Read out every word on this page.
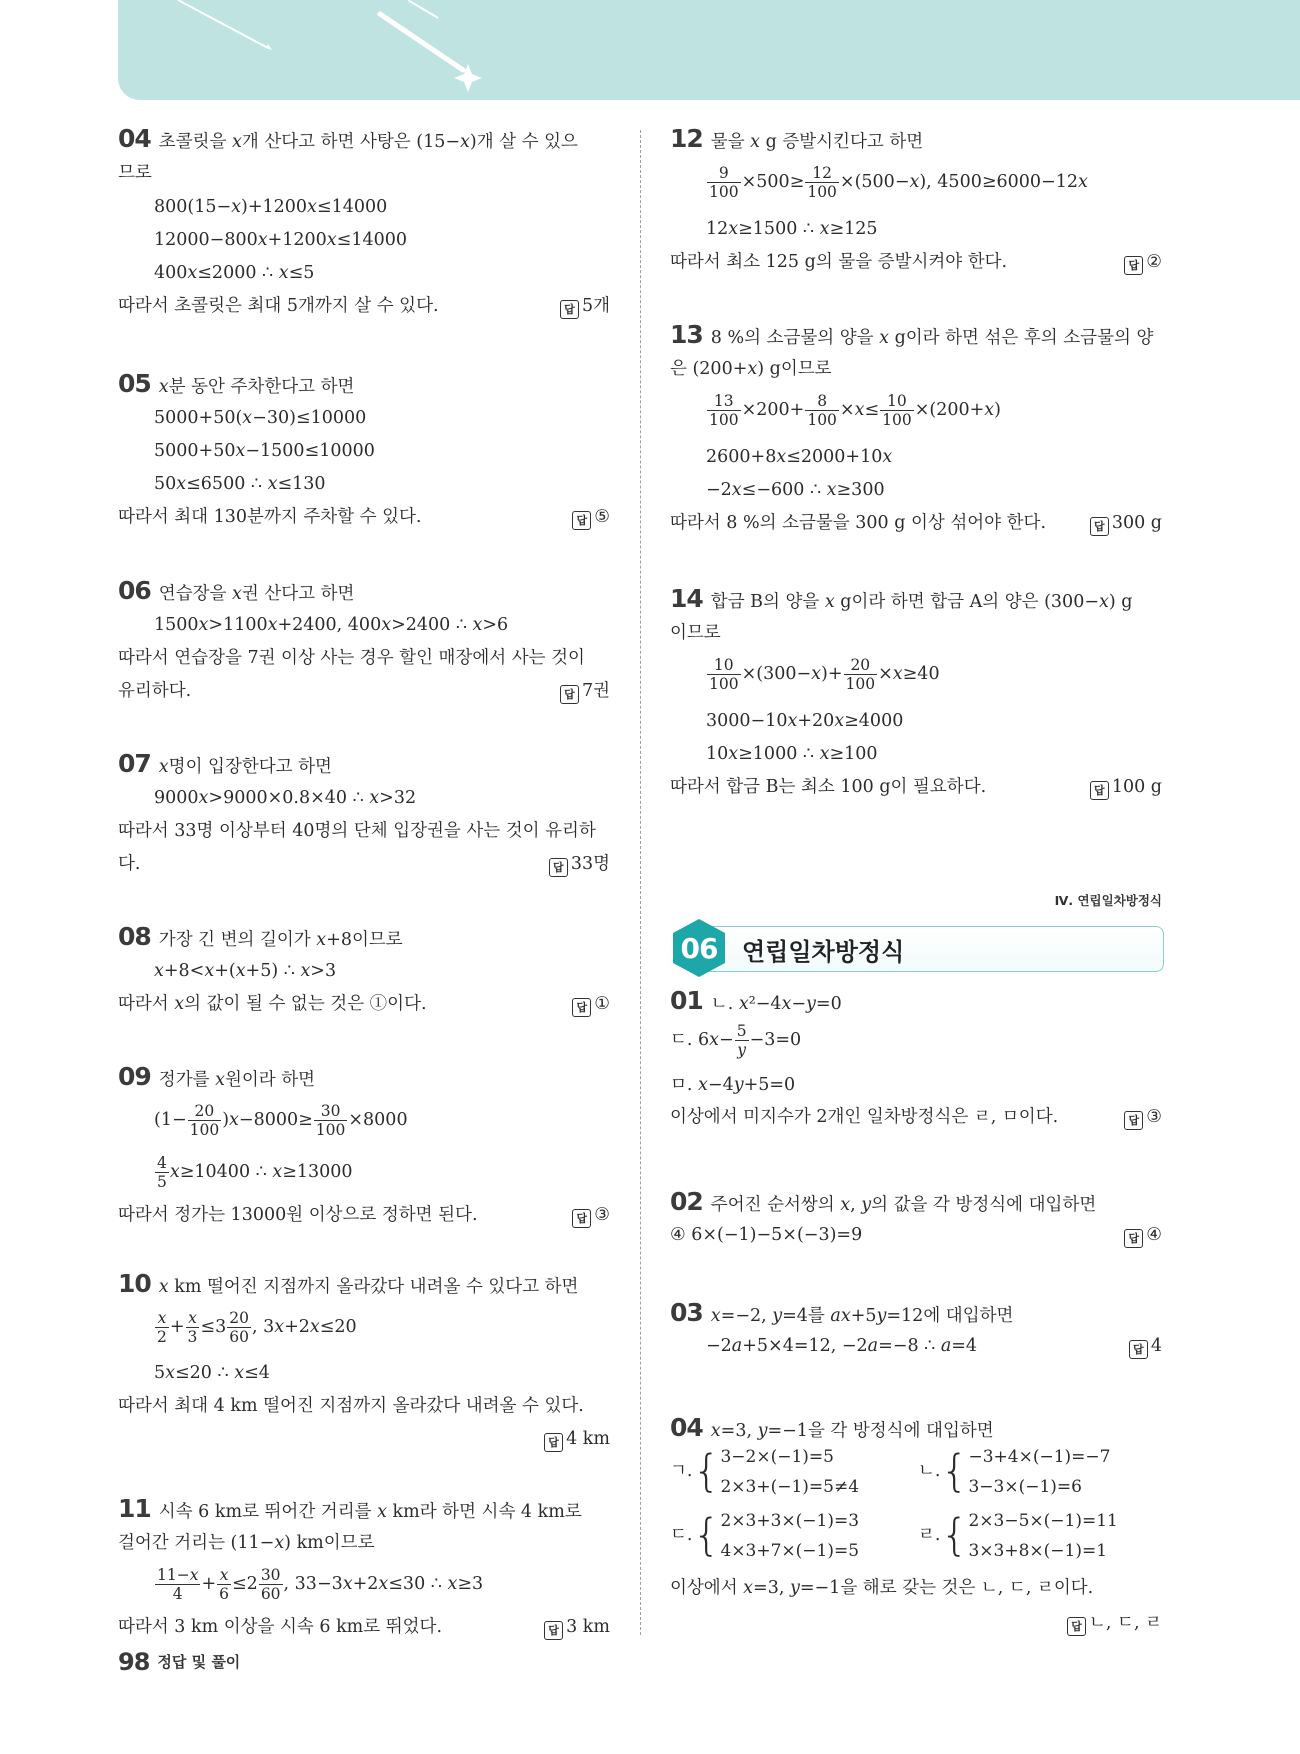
04 초콜릿을 𝑥개 산다고 하면 사탕은 (15−𝑥)개 살 수 있으
므로
800(15−𝑥)+1200𝑥≤14000
12000−800𝑥+1200𝑥≤14000
400𝑥≤2000 ∴ 𝑥≤5
따라서 초콜릿은 최대 5개까지 살 수 있다.	답 5개
05 𝑥분 동안 주차한다고 하면
5000+50(𝑥−30)≤10000
5000+50𝑥−1500≤10000
50𝑥≤6500 ∴ 𝑥≤130
따라서 최대 130분까지 주차할 수 있다.	답 ⑤
06 연습장을 𝑥권 산다고 하면
1500𝑥>1100𝑥+2400, 400𝑥>2400 ∴ 𝑥>6
따라서 연습장을 7권 이상 사는 경우 할인 매장에서 사는 것이
유리하다.	답 7권
07 𝑥명이 입장한다고 하면
9000𝑥>9000×0.8×40 ∴ 𝑥>32
따라서 33명 이상부터 40명의 단체 입장권을 사는 것이 유리하
다.	답 33명
08 가장 긴 변의 길이가 𝑥+8이므로
𝑥+8<𝑥+(𝑥+5) ∴ 𝑥>3
따라서 𝑥의 값이 될 수 없는 것은 ①이다.	답 ①
09 정가를 𝑥원이라 하면
($1- \frac{20}{100}$ )𝑥−8000≥ $\frac{30}{100} \times 8000$
$\frac{4}{5}$ 𝑥≥10400 ∴ 𝑥≥13000
따라서 정가는 13000원 이상으로 정하면 된다.	답 ③
10 𝑥 km 떨어진 지점까지 올라갔다 내려올 수 있다고 하면
$\frac{\text{𝑥}}{2} + \frac{\text{𝑥}}{3} \le 3 \frac{20}{60}$ , 3𝑥+2𝑥≤20
5𝑥≤20 ∴ 𝑥≤4
따라서 최대 4 km 떨어진 지점까지 올라갔다 내려올 수 있다.
답 4 km
11 시속 6 km로 뛰어간 거리를 𝑥 km라 하면 시속 4 km로
걸어간 거리는 (11−𝑥) km이므로
$\frac{\text{11−𝑥}}{4} + \frac{\text{𝑥}}{6} \le 2 \frac{30}{60}$ , 33−3𝑥+2𝑥≤30 ∴ 𝑥≥3
따라서 3 km 이상을 시속 6 km로 뛰었다.	답 3 km
12 물을 𝑥 g 증발시킨다고 하면
$\frac{9}{100} \times 500\ge \frac{12}{100}$ ×(500−𝑥), 4500≥6000−12𝑥
12𝑥≥1500 ∴ 𝑥≥125
따라서 최소 125 g의 물을 증발시켜야 한다.	답 ②
13 8 %의 소금물의 양을 𝑥 g이라 하면 섞은 후의 소금물의 양
은 (200+𝑥) g이므로
$\frac{13}{100} \times 200+ \frac{8}{100}$ ×𝑥≤ $\frac{10}{100}$ ×(200+𝑥)
2600+8𝑥≤2000+10𝑥
−2𝑥≤−600 ∴ 𝑥≥300
따라서 8 %의 소금물을 300 g 이상 섞어야 한다.	답 300 g
14 합금 B의 양을 𝑥 g이라 하면 합금 A의 양은 (300−𝑥) g
이므로
$\frac{10}{100}$ ×(300−𝑥)+ $\frac{20}{100}$ ×𝑥≥40
3000−10𝑥+20𝑥≥4000
10𝑥≥1000 ∴ 𝑥≥100
따라서 합금 B는 최소 100 g이 필요하다.	답 100 g
01 ㄴ. 𝑥²−4𝑥−𝑦=0
ㄷ. 6𝑥− $\frac{5}{\text{𝑦}} -3=0$
ㅁ. 𝑥−4𝑦+5=0
이상에서 미지수가 2개인 일차방정식은 ㄹ, ㅁ이다.	답 ③
02 주어진 순서쌍의 𝑥, 𝑦의 값을 각 방정식에 대입하면
④ 6×(−1)−5×(−3)=9	답 ④
03 𝑥=−2, 𝑦=4를 𝑎𝑥+5𝑦=12에 대입하면
−2𝑎+5×4=12, −2𝑎=−8 ∴ 𝑎=4	답 4
04 𝑥=3, 𝑦=−1을 각 방정식에 대입하면
ㄱ.{ 3−2×(−1)=5
2×3+(−1)=5≠4
ㄴ.{ −3+4×(−1)=−7
3−3×(−1)=6
ㄷ.{ 2×3+3×(−1)=3
4×3+7×(−1)=5
ㄹ.{ 2×3−5×(−1)=11
3×3+8×(−1)=1
이상에서 𝑥=3, 𝑦=−1을 해로 갖는 것은 ㄴ, ㄷ, ㄹ이다.
답 ㄴ, ㄷ, ㄹ
Ⅳ. 연립일차방정식
06	연립일차방정식
98 정답 및 풀이
